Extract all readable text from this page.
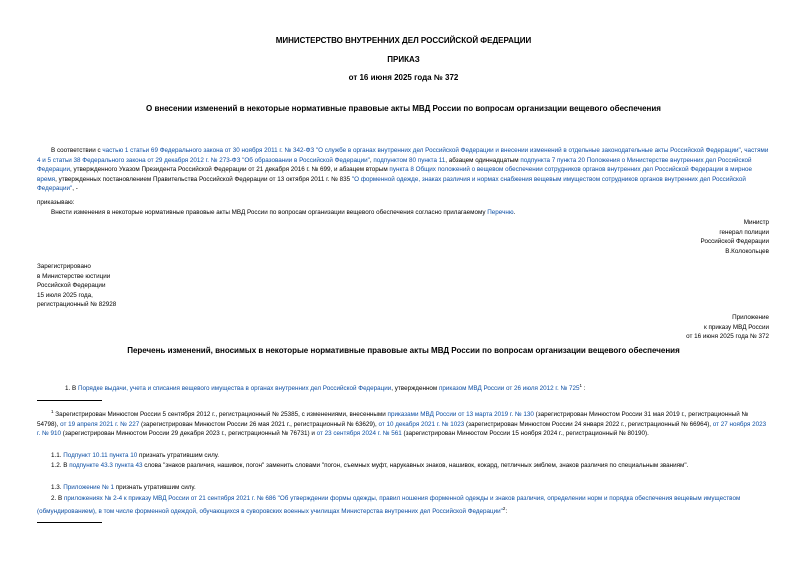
МИНИСТЕРСТВО ВНУТРЕННИХ ДЕЛ РОССИЙСКОЙ ФЕДЕРАЦИИ
ПРИКАЗ
от 16 июня 2025 года № 372
О внесении изменений в некоторые нормативные правовые акты МВД России по вопросам организации вещевого обеспечения
В соответствии с частью 1 статьи 69 Федерального закона от 30 ноября 2011 г. № 342-ФЗ "О службе в органах внутренних дел Российской Федерации и внесении изменений в отдельные законодательные акты Российской Федерации", частями 4 и 5 статьи 38 Федерального закона от 29 декабря 2012 г. № 273-ФЗ "Об образовании в Российской Федерации", подпунктом 80 пункта 11, абзацем одиннадцатым подпункта 7 пункта 20 Положения о Министерстве внутренних дел Российской Федерации, утвержденного Указом Президента Российской Федерации от 21 декабря 2016 г. № 699, и абзацем вторым пункта 8 Общих положений о вещевом обеспечении сотрудников органов внутренних дел Российской Федерации в мирное время, утвержденных постановлением Правительства Российской Федерации от 13 октября 2011 г. № 835 "О форменной одежде, знаках различия и нормах снабжения вещевым имуществом сотрудников органов внутренних дел Российской Федерации", -
приказываю:
Внести изменения в некоторые нормативные правовые акты МВД России по вопросам организации вещевого обеспечения согласно прилагаемому Перечню.
Министр
генерал полиции
Российской Федерации
В.Колокольцев
Зарегистрировано
в Министерстве юстиции
Российской Федерации
15 июля 2025 года,
регистрационный № 82928
Приложение
к приказу МВД России
от 16 июня 2025 года № 372
Перечень изменений, вносимых в некоторые нормативные правовые акты МВД России по вопросам организации вещевого обеспечения
1. В Порядке выдачи, учета и списания вещевого имущества в органах внутренних дел Российской Федерации, утвержденном приказом МВД России от 26 июля 2012 г. № $725^1$ :
$^1$ Зарегистрирован Минюстом России 5 сентября 2012 г., регистрационный № 25385, с изменениями, внесенными приказами МВД России от 13 марта 2019 г. № 130 (зарегистрирован Минюстом России 31 мая 2019 г., регистрационный № 54798), от 19 апреля 2021 г. № 227 (зарегистрирован Минюстом России 26 мая 2021 г., регистрационный № 63629), от 10 декабря 2021 г. № 1023 (зарегистрирован Минюстом России 24 января 2022 г., регистрационный № 66964), от 27 ноября 2023 г. № 910 (зарегистрирован Минюстом России 29 декабря 2023 г., регистрационный № 76731) и от 23 сентября 2024 г. № 561 (зарегистрирован Минюстом России 15 ноября 2024 г., регистрационный № 80190).
1.1. Подпункт 10.11 пункта 10 признать утратившим силу.
1.2. В подпункте 43.3 пункта 43 слова "знаков различия, нашивок, погон" заменить словами "погон, съемных муфт, нарукавных знаков, нашивок, кокард, петличных эмблем, знаков различия по специальным званиям".
1.3. Приложение № 1 признать утратившим силу.
2. В приложениях № 2-4 к приказу МВД России от 21 сентября 2021 г. № 686 "Об утверждении формы одежды, правил ношения форменной одежды и знаков различия, определении норм и порядка обеспечения вещевым имуществом (обмундированием), в том числе форменной одеждой, обучающихся в суворовских военных училищах Министерства внутренних дел Российской Федерации"$^2$:
